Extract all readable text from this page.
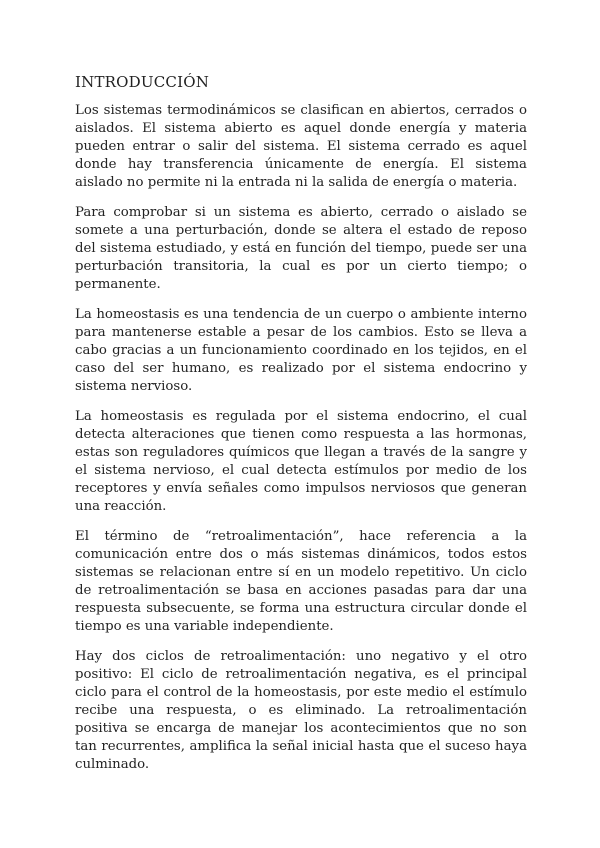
INTRODUCCIÓN

Los sistemas termodinámicos se clasifican en abiertos, cerrados o aislados. El sistema abierto es aquel donde energía y materia pueden entrar o salir del sistema. El sistema cerrado es aquel donde hay transferencia únicamente de energía. El sistema aislado no permite ni la entrada ni la salida de energía o materia.

Para comprobar si un sistema es abierto, cerrado o aislado se somete a una perturbación, donde se altera el estado de reposo del sistema estudiado, y está en función del tiempo, puede ser una perturbación transitoria, la cual es por un cierto tiempo; o permanente.

La homeostasis es una tendencia de un cuerpo o ambiente interno para mantenerse estable a pesar de los cambios. Esto se lleva a cabo gracias a un funcionamiento coordinado en los tejidos, en el caso del ser humano, es realizado por el sistema endocrino y sistema nervioso.

La homeostasis es regulada por el sistema endocrino, el cual detecta alteraciones que tienen como respuesta a las hormonas, estas son reguladores químicos que llegan a través de la sangre y el sistema nervioso, el cual detecta estímulos por medio de los receptores y envía señales como impulsos nerviosos que generan una reacción.

El término de “retroalimentación”, hace referencia a la comunicación entre dos o más sistemas dinámicos, todos estos sistemas se relacionan entre sí en un modelo repetitivo. Un ciclo de retroalimentación se basa en acciones pasadas para dar una respuesta subsecuente, se forma una estructura circular donde el tiempo es una variable independiente.

Hay dos ciclos de retroalimentación: uno negativo y el otro positivo: El ciclo de retroalimentación negativa, es el principal ciclo para el control de la homeostasis, por este medio el estímulo recibe una respuesta, o es eliminado. La retroalimentación positiva se encarga de manejar los acontecimientos que no son tan recurrentes, amplifica la señal inicial hasta que el suceso haya culminado.
